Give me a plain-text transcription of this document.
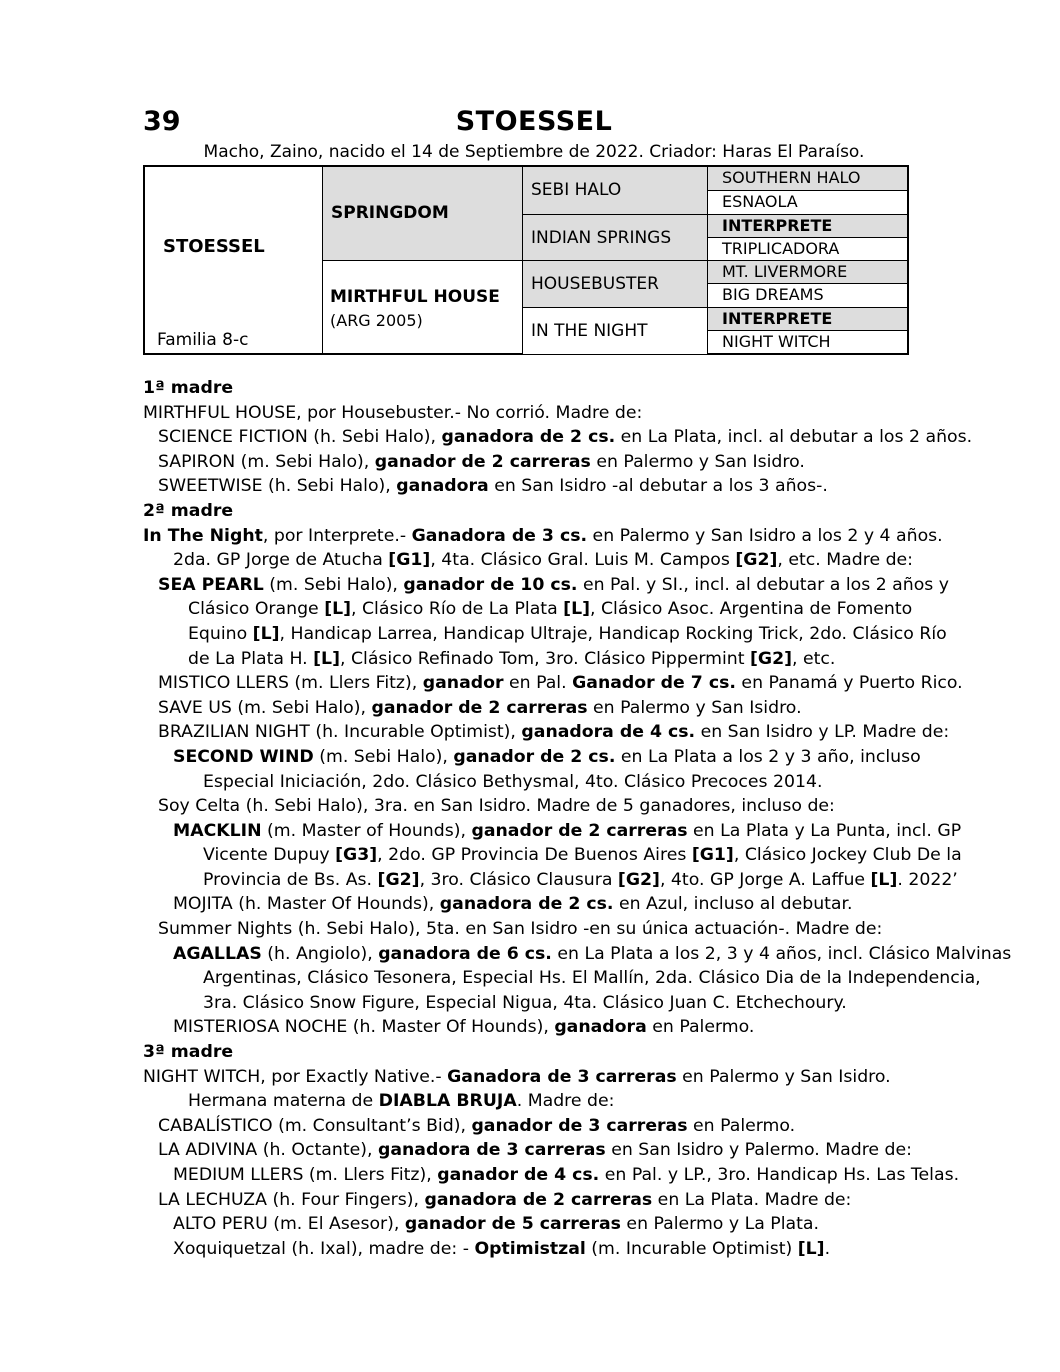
39	STOESSEL
Macho, Zaino, nacido el 14 de Septiembre de 2022. Criador: Haras El Paraíso.
STOESSEL
Familia 8-c
SPRINGDOM
MIRTHFUL HOUSE
(ARG 2005)
SEBI HALO
INDIAN SPRINGS
HOUSEBUSTER
IN THE NIGHT
SOUTHERN HALO
ESNAOLA
INTERPRETE
TRIPLICADORA
MT. LIVERMORE
BIG DREAMS
INTERPRETE
NIGHT WITCH
1ª madre
MIRTHFUL HOUSE, por Housebuster.- No corrió. Madre de:
SCIENCE FICTION (h. Sebi Halo), ganadora de 2 cs. en La Plata, incl. al debutar a los 2 años.
SAPIRON (m. Sebi Halo), ganador de 2 carreras en Palermo y San Isidro.
SWEETWISE (h. Sebi Halo), ganadora en San Isidro -al debutar a los 3 años-.
2ª madre
In The Night, por Interprete.- Ganadora de 3 cs. en Palermo y San Isidro a los 2 y 4 años.
2da. GP Jorge de Atucha [G1], 4ta. Clásico Gral. Luis M. Campos [G2], etc. Madre de:
SEA PEARL (m. Sebi Halo), ganador de 10 cs. en Pal. y SI., incl. al debutar a los 2 años y
Clásico Orange [L], Clásico Río de La Plata [L], Clásico Asoc. Argentina de Fomento
Equino [L], Handicap Larrea, Handicap Ultraje, Handicap Rocking Trick, 2do. Clásico Río
de La Plata H. [L], Clásico Refinado Tom, 3ro. Clásico Pippermint [G2], etc.
MISTICO LLERS (m. Llers Fitz), ganador en Pal. Ganador de 7 cs. en Panamá y Puerto Rico.
SAVE US (m. Sebi Halo), ganador de 2 carreras en Palermo y San Isidro.
BRAZILIAN NIGHT (h. Incurable Optimist), ganadora de 4 cs. en San Isidro y LP. Madre de:
SECOND WIND (m. Sebi Halo), ganador de 2 cs. en La Plata a los 2 y 3 año, incluso
Especial Iniciación, 2do. Clásico Bethysmal, 4to. Clásico Precoces 2014.
Soy Celta (h. Sebi Halo), 3ra. en San Isidro. Madre de 5 ganadores, incluso de:
MACKLIN (m. Master of Hounds), ganador de 2 carreras en La Plata y La Punta, incl. GP
Vicente Dupuy [G3], 2do. GP Provincia De Buenos Aires [G1], Clásico Jockey Club De la
Provincia de Bs. As. [G2], 3ro. Clásico Clausura [G2], 4to. GP Jorge A. Laffue [L]. 2022’
MOJITA (h. Master Of Hounds), ganadora de 2 cs. en Azul, incluso al debutar.
Summer Nights (h. Sebi Halo), 5ta. en San Isidro -en su única actuación-. Madre de:
AGALLAS (h. Angiolo), ganadora de 6 cs. en La Plata a los 2, 3 y 4 años, incl. Clásico Malvinas
Argentinas, Clásico Tesonera, Especial Hs. El Mallín, 2da. Clásico Dia de la Independencia,
3ra. Clásico Snow Figure, Especial Nigua, 4ta. Clásico Juan C. Etchechoury.
MISTERIOSA NOCHE (h. Master Of Hounds), ganadora en Palermo.
3ª madre
NIGHT WITCH, por Exactly Native.- Ganadora de 3 carreras en Palermo y San Isidro.
Hermana materna de DIABLA BRUJA. Madre de:
CABALÍSTICO (m. Consultant’s Bid), ganador de 3 carreras en Palermo.
LA ADIVINA (h. Octante), ganadora de 3 carreras en San Isidro y Palermo. Madre de:
MEDIUM LLERS (m. Llers Fitz), ganador de 4 cs. en Pal. y LP., 3ro. Handicap Hs. Las Telas.
LA LECHUZA (h. Four Fingers), ganadora de 2 carreras en La Plata. Madre de:
ALTO PERU (m. El Asesor), ganador de 5 carreras en Palermo y La Plata.
Xoquiquetzal (h. Ixal), madre de: - Optimistzal (m. Incurable Optimist) [L].
